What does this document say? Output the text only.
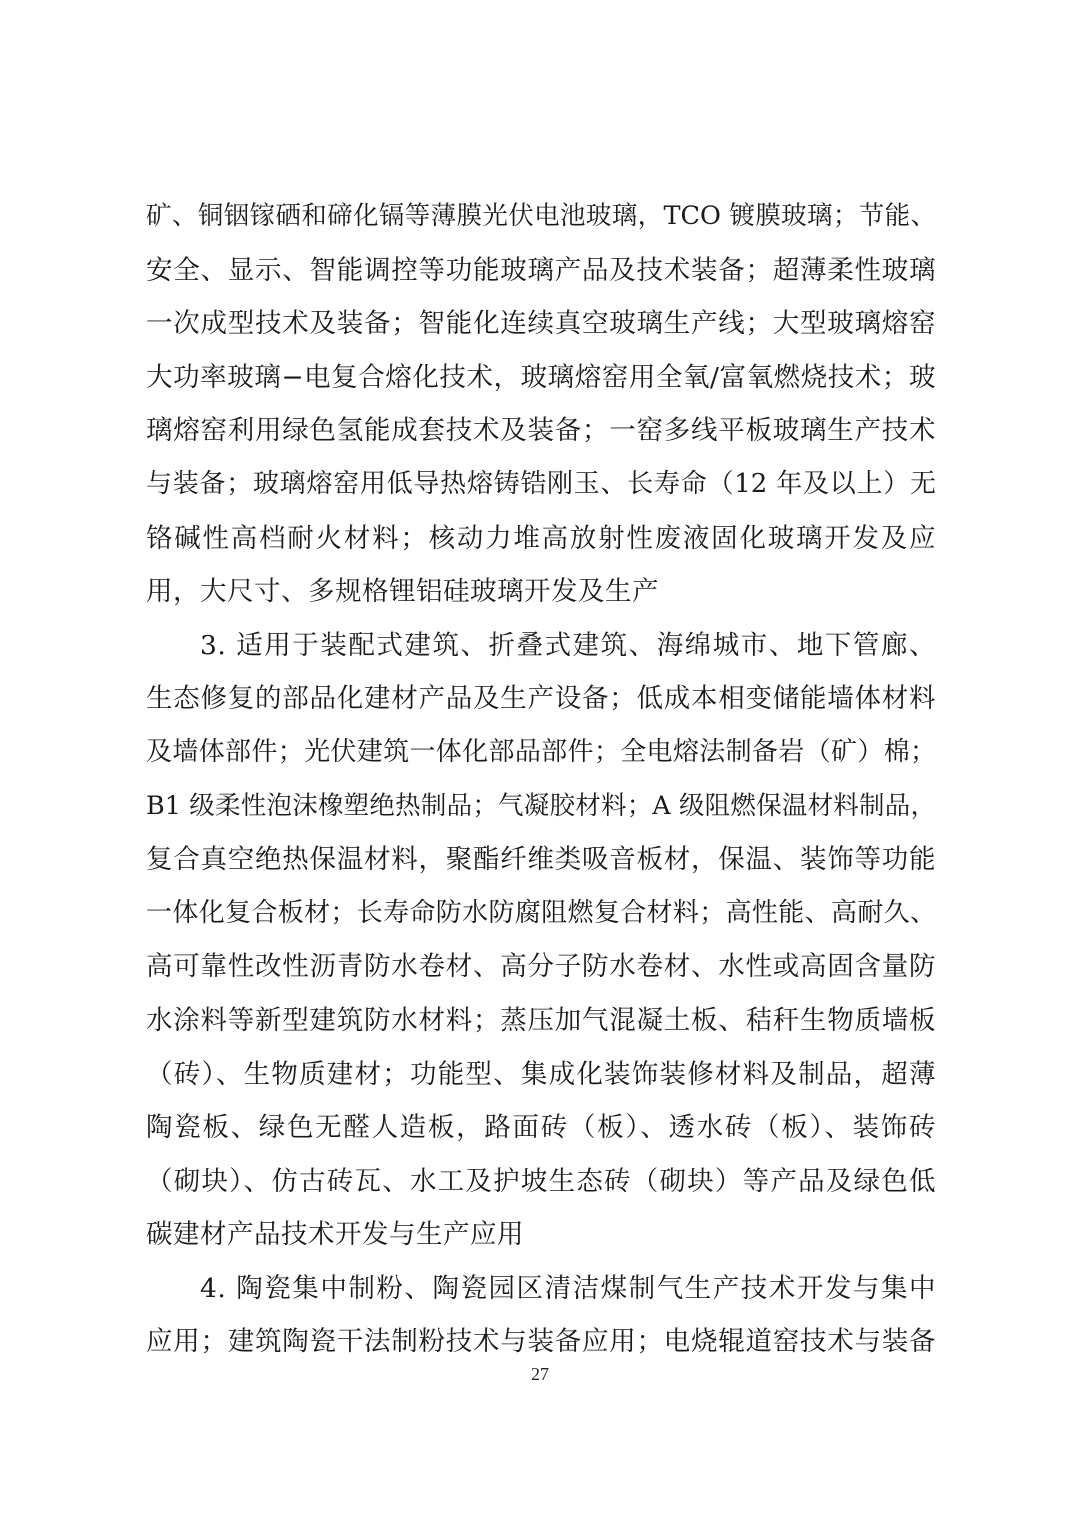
矿、铜铟镓硒和碲化镉等薄膜光伏电池玻璃，TCO 镀膜玻璃；节能、
安全、显示、智能调控等功能玻璃产品及技术装备；超薄柔性玻璃
一次成型技术及装备；智能化连续真空玻璃生产线；大型玻璃熔窑
大功率玻璃−电复合熔化技术，玻璃熔窑用全氧/富氧燃烧技术；玻
璃熔窑利用绿色氢能成套技术及装备；一窑多线平板玻璃生产技术
与装备；玻璃熔窑用低导热熔铸锆刚玉、长寿命（12 年及以上）无
铬碱性高档耐火材料；核动力堆高放射性废液固化玻璃开发及应
用，大尺寸、多规格锂铝硅玻璃开发及生产
3. 适用于装配式建筑、折叠式建筑、海绵城市、地下管廊、
生态修复的部品化建材产品及生产设备；低成本相变储能墙体材料
及墙体部件；光伏建筑一体化部品部件；全电熔法制备岩（矿）棉；
B1 级柔性泡沫橡塑绝热制品；气凝胶材料；A 级阻燃保温材料制品，
复合真空绝热保温材料，聚酯纤维类吸音板材，保温、装饰等功能
一体化复合板材；长寿命防水防腐阻燃复合材料；高性能、高耐久、
高可靠性改性沥青防水卷材、高分子防水卷材、水性或高固含量防
水涂料等新型建筑防水材料；蒸压加气混凝土板、秸秆生物质墙板
（砖）、生物质建材；功能型、集成化装饰装修材料及制品，超薄
陶瓷板、绿色无醛人造板，路面砖（板）、透水砖（板）、装饰砖
（砌块）、仿古砖瓦、水工及护坡生态砖（砌块）等产品及绿色低
碳建材产品技术开发与生产应用
4. 陶瓷集中制粉、陶瓷园区清洁煤制气生产技术开发与集中
应用；建筑陶瓷干法制粉技术与装备应用；电烧辊道窑技术与装备
27
